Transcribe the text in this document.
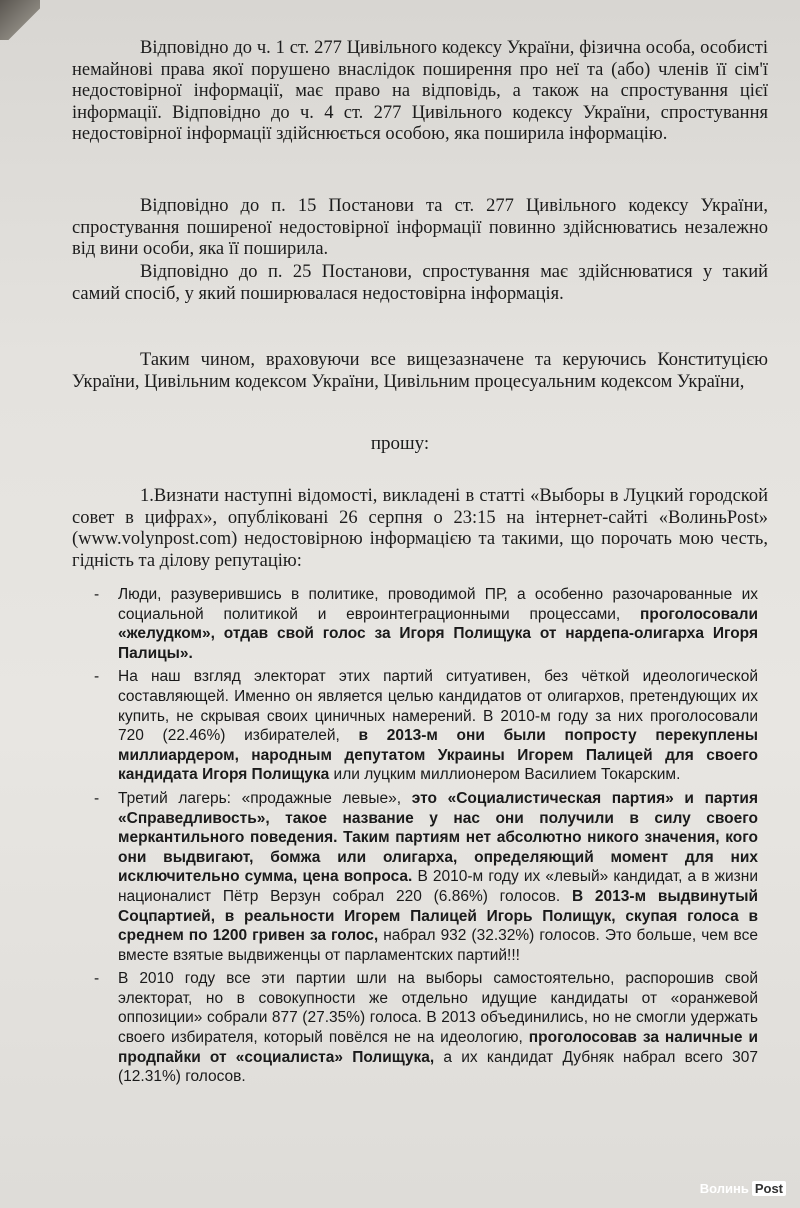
Відповідно до ч. 1 ст. 277 Цивільного кодексу України, фізична особа, особисті немайнові права якої порушено внаслідок поширення про неї та (або) членів її сім'ї недостовірної інформації, має право на відповідь, а також на спростування цієї інформації. Відповідно до ч. 4 ст. 277 Цивільного кодексу України, спростування недостовірної інформації здійснюється особою, яка поширила інформацію.

Відповідно до п. 15 Постанови та ст. 277 Цивільного кодексу України, спростування поширеної недостовірної інформації повинно здійснюватись незалежно від вини особи, яка її поширила.

Відповідно до п. 25 Постанови, спростування має здійснюватися у такий самий спосіб, у який поширювалася недостовірна інформація.

Таким чином, враховуючи все вищезазначене та керуючись Конституцією України, Цивільним кодексом України, Цивільним процесуальним кодексом України,

прошу:

1.Визнати наступні відомості, викладені в статті «Выборы в Луцкий городской совет в цифрах», опубліковані 26 серпня о 23:15 на інтернет-сайті «ВолиньPost» (www.volynpost.com) недостовірною інформацією та такими, що порочать мою честь, гідність та ділову репутацію:

- Люди, разуверившись в политике, проводимой ПР, а особенно разочарованные их социальной политикой и евроинтеграционными процессами, проголосовали «желудком», отдав свой голос за Игоря Полищука от нардепа-олигарха Игоря Палицы».
- На наш взгляд электорат этих партий ситуативен, без чёткой идеологической составляющей. Именно он является целью кандидатов от олигархов, претендующих их купить, не скрывая своих циничных намерений. В 2010-м году за них проголосовали 720 (22.46%) избирателей, в 2013-м они были попросту перекуплены миллиардером, народным депутатом Украины Игорем Палицей для своего кандидата Игоря Полищука или луцким миллионером Василием Токарским.
- Третий лагерь: «продажные левые», это «Социалистическая партия» и партия «Справедливость», такое название у нас они получили в силу своего меркантильного поведения. Таким партиям нет абсолютно никого значения, кого они выдвигают, бомжа или олигарха, определяющий момент для них исключительно сумма, цена вопроса. В 2010-м году их «левый» кандидат, а в жизни националист Пётр Верзун собрал 220 (6.86%) голосов. В 2013-м выдвинутый Соцпартией, в реальности Игорем Палицей Игорь Полищук, скупая голоса в среднем по 1200 гривен за голос, набрал 932 (32.32%) голосов. Это больше, чем все вместе взятые выдвиженцы от парламентских партий!!!
- В 2010 году все эти партии шли на выборы самостоятельно, распорошив свой электорат, но в совокупности же отдельно идущие кандидаты от «оранжевой оппозиции» собрали 877 (27.35%) голоса. В 2013 объединились, но не смогли удержать своего избирателя, который повёлся не на идеологию, проголосовав за наличные и продпайки от «социалиста» Полищука, а их кандидат Дубняк набрал всего 307 (12.31%) голосов.
Волинь Post
